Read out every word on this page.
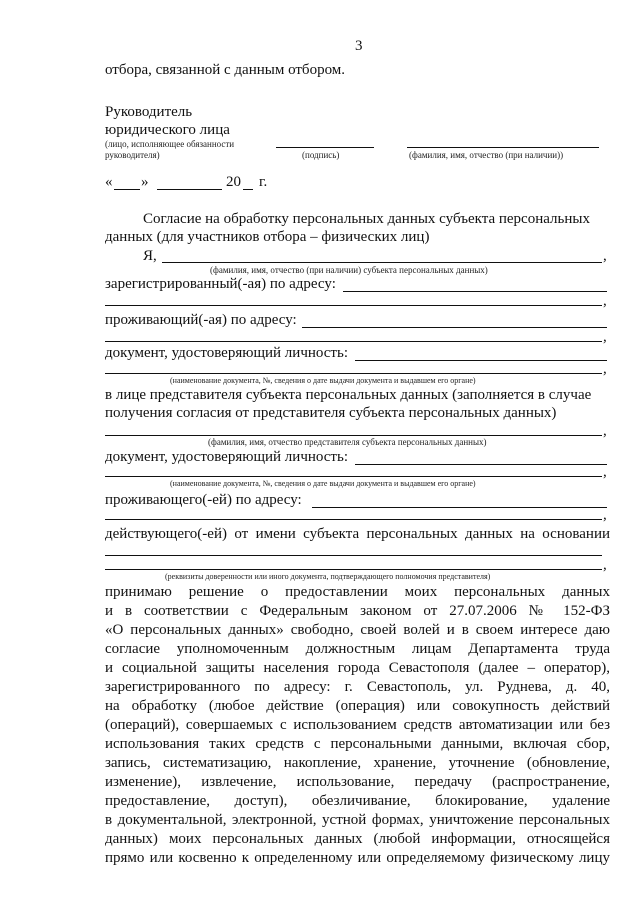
3
отбора, связанной с данным отбором.
Руководитель
юридического лица
(лицо, исполняющее обязанности
руководителя)	(подпись)	(фамилия, имя, отчество (при наличии))
« »	20 г.
Согласие на обработку персональных данных субъекта персональных
данных (для участников отбора – физических лиц)
Я,	,
(фамилия, имя, отчество (при наличии) субъекта персональных данных)
зарегистрированный(-ая) по адресу:
,
проживающий(-ая) по адресу:
,
документ, удостоверяющий личность:
,
(наименование документа, №, сведения о дате выдачи документа и выдавшем его органе)
в лице представителя субъекта персональных данных (заполняется в случае
получения согласия от представителя субъекта персональных данных)
,
(фамилия, имя, отчество представителя субъекта персональных данных)
документ, удостоверяющий личность:
,
(наименование документа, №, сведения о дате выдачи документа и выдавшем его органе)
проживающего(-ей) по адресу:
,
действующего(-ей) от имени субъекта персональных данных на основании
,
(реквизиты доверенности или иного документа, подтверждающего полномочия представителя)
принимаю решение о предоставлении моих персональных данных
и в соответствии с Федеральным законом от 27.07.2006 № 152-ФЗ
«О персональных данных» свободно, своей волей и в своем интересе даю
согласие уполномоченным должностным лицам Департамента труда
и социальной защиты населения города Севастополя (далее – оператор),
зарегистрированного по адресу: г. Севастополь, ул. Руднева, д. 40,
на обработку (любое действие (операция) или совокупность действий
(операций), совершаемых с использованием средств автоматизации или без
использования таких средств с персональными данными, включая сбор,
запись, систематизацию, накопление, хранение, уточнение (обновление,
изменение), извлечение, использование, передачу (распространение,
предоставление, доступ), обезличивание, блокирование, удаление
в документальной, электронной, устной формах, уничтожение персональных
данных) моих персональных данных (любой информации, относящейся
прямо или косвенно к определенному или определяемому физическому лицу
